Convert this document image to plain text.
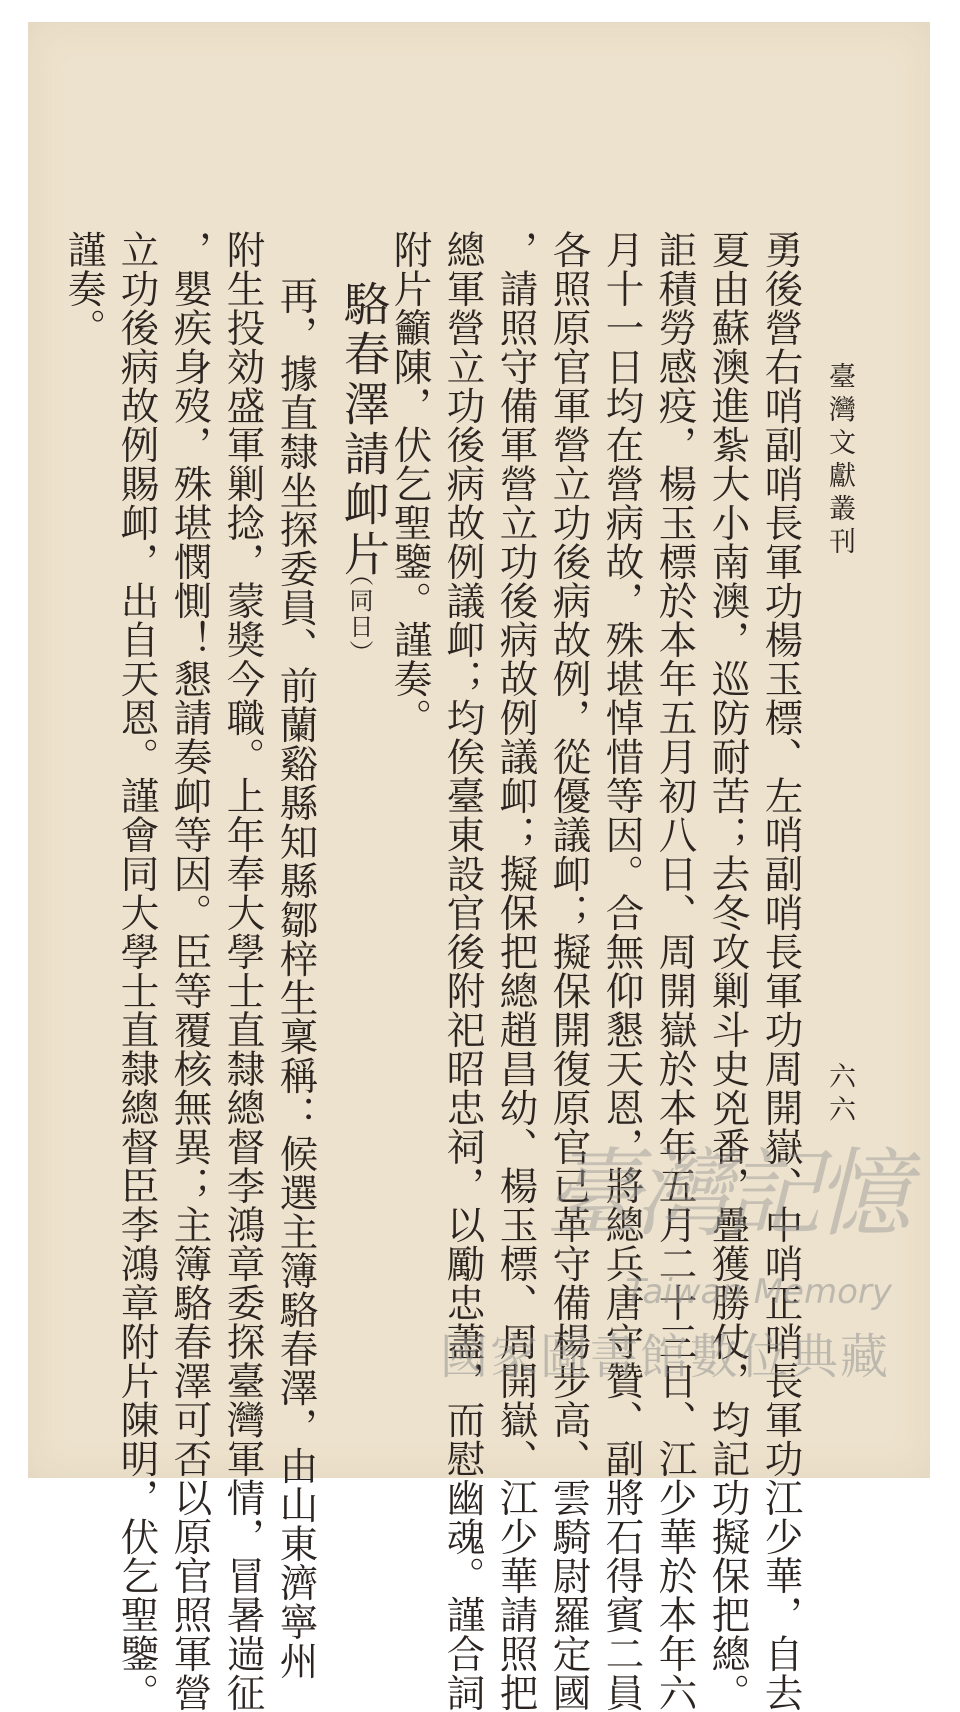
臺灣文獻叢刊
六六
勇後營右哨副哨長軍功楊玉標、左哨副哨長軍功周開嶽、中哨正哨長軍功江少華，自去
夏由蘇澳進紮大小南澳，巡防耐苦；去冬攻剿斗史兇番，疊獲勝仗，均記功擬保把總。
詎積勞感疫，楊玉標於本年五月初八日、周開嶽於本年五月二十三日、江少華於本年六
月十一日均在營病故，殊堪悼惜等因。合無仰懇天恩，將總兵唐守贊、副將石得賓二員
各照原官軍營立功後病故例，從優議卹；擬保開復原官已革守備楊步高、雲騎尉羅定國
，請照守備軍營立功後病故例議卹；擬保把總趙昌幼、楊玉標、周開嶽、江少華請照把
總軍營立功後病故例議卹；均俟臺東設官後附祀昭忠祠，以勵忠藎，而慰幽魂。謹合詞
附片籲陳，伏乞聖鑒。謹奏。
駱春澤請卹片
（同日）
再，據直隸坐探委員、前蘭谿縣知縣鄒梓生稟稱：候選主簿駱春澤，由山東濟寧州
附生投効盛軍剿捻，蒙獎今職。上年奉大學士直隸總督李鴻章委探臺灣軍情，冒暑遄征
，嬰疾身歿，殊堪憫惻！懇請奏卹等因。臣等覆核無異；主簿駱春澤可否以原官照軍營
立功後病故例賜卹，出自天恩。謹會同大學士直隸總督臣李鴻章附片陳明，伏乞聖鑒。
謹奏。
臺灣記憶
Taiwan Memory
國家圖書館數位典藏
